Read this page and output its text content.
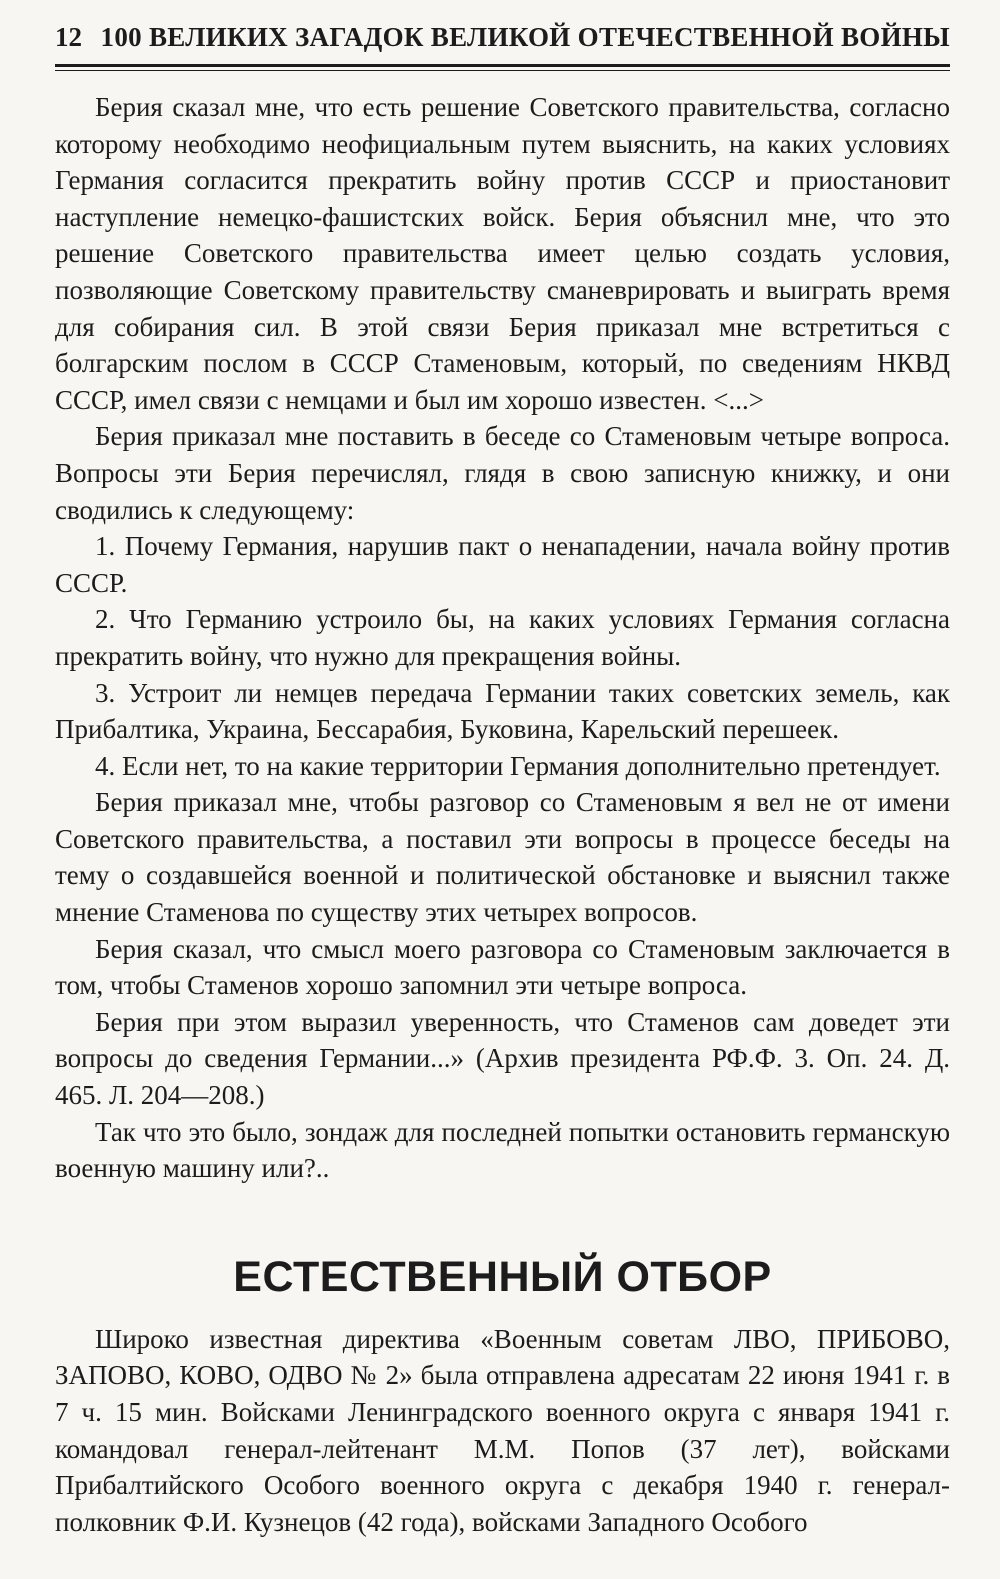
12 100 ВЕЛИКИХ ЗАГАДОК ВЕЛИКОЙ ОТЕЧЕСТВЕННОЙ ВОЙНЫ

Берия сказал мне, что есть решение Советского правительства, согласно которому необходимо неофициальным путем выяснить, на каких условиях Германия согласится прекратить войну против СССР и приостановит наступление немецко-фашистских войск. Берия объяснил мне, что это решение Советского правительства имеет целью создать условия, позволяющие Советскому правительству сманеврировать и выиграть время для собирания сил. В этой связи Берия приказал мне встретиться с болгарским послом в СССР Стаменовым, который, по сведениям НКВД СССР, имел связи с немцами и был им хорошо известен. <...>

Берия приказал мне поставить в беседе со Стаменовым четыре вопроса. Вопросы эти Берия перечислял, глядя в свою записную книжку, и они сводились к следующему:

1. Почему Германия, нарушив пакт о ненападении, начала войну против СССР.

2. Что Германию устроило бы, на каких условиях Германия согласна прекратить войну, что нужно для прекращения войны.

3. Устроит ли немцев передача Германии таких советских земель, как Прибалтика, Украина, Бессарабия, Буковина, Карельский перешеек.

4. Если нет, то на какие территории Германия дополнительно претендует.

Берия приказал мне, чтобы разговор со Стаменовым я вел не от имени Советского правительства, а поставил эти вопросы в процессе беседы на тему о создавшейся военной и политической обстановке и выяснил также мнение Стаменова по существу этих четырех вопросов.

Берия сказал, что смысл моего разговора со Стаменовым заключается в том, чтобы Стаменов хорошо запомнил эти четыре вопроса.

Берия при этом выразил уверенность, что Стаменов сам доведет эти вопросы до сведения Германии...» (Архив президента РФ.Ф. 3. Оп. 24. Д. 465. Л. 204—208.)

Так что это было, зондаж для последней попытки остановить германскую военную машину или?..

ЕСТЕСТВЕННЫЙ ОТБОР

Широко известная директива «Военным советам ЛВО, ПРИБОВО, ЗАПОВО, КОВО, ОДВО № 2» была отправлена адресатам 22 июня 1941 г. в 7 ч. 15 мин. Войсками Ленинградского военного округа с января 1941 г. командовал генерал-лейтенант М.М. Попов (37 лет), войсками Прибалтийского Особого военного округа с декабря 1940 г. генерал-полковник Ф.И. Кузнецов (42 года), войсками Западного Особого
